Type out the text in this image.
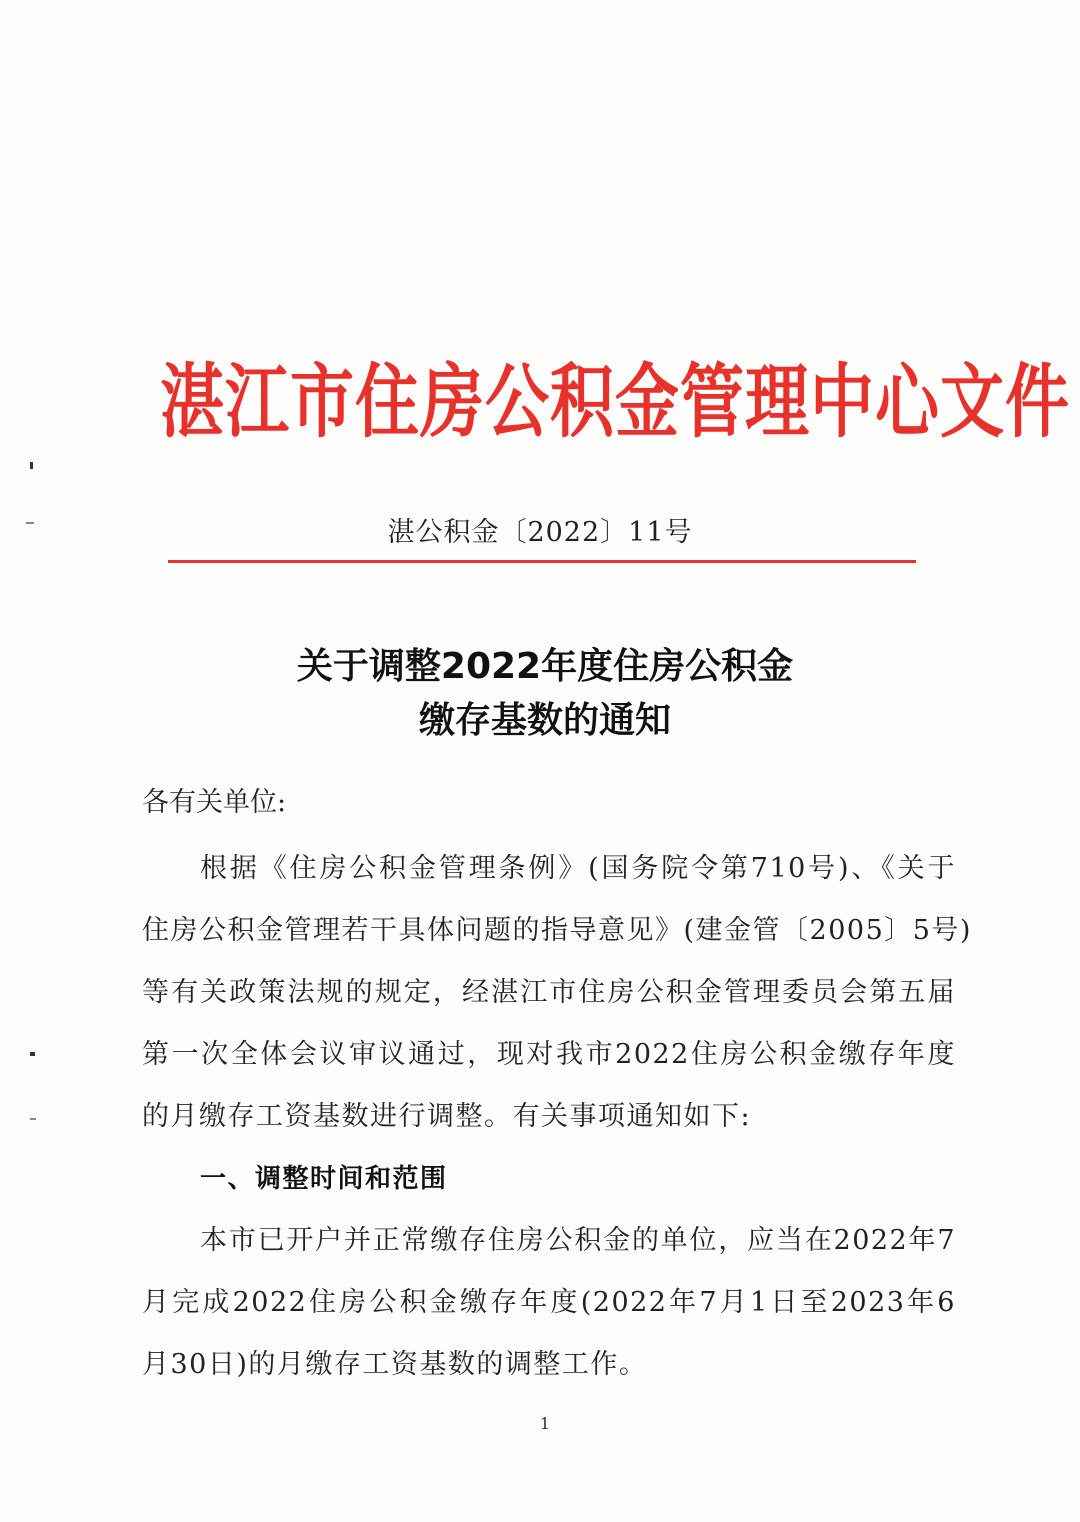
湛江市住房公积金管理中心文件
湛公积金〔2022〕11号
关于调整2022年度住房公积金
缴存基数的通知
各有关单位:
根据《住房公积金管理条例》(国务院令第710号)、《关于
住房公积金管理若干具体问题的指导意见》(建金管〔2005〕5号)
等有关政策法规的规定，经湛江市住房公积金管理委员会第五届
第一次全体会议审议通过，现对我市2022住房公积金缴存年度
的月缴存工资基数进行调整。有关事项通知如下:
一、调整时间和范围
本市已开户并正常缴存住房公积金的单位，应当在2022年7
月完成2022住房公积金缴存年度(2022年7月1日至2023年6
月30日)的月缴存工资基数的调整工作。
1
